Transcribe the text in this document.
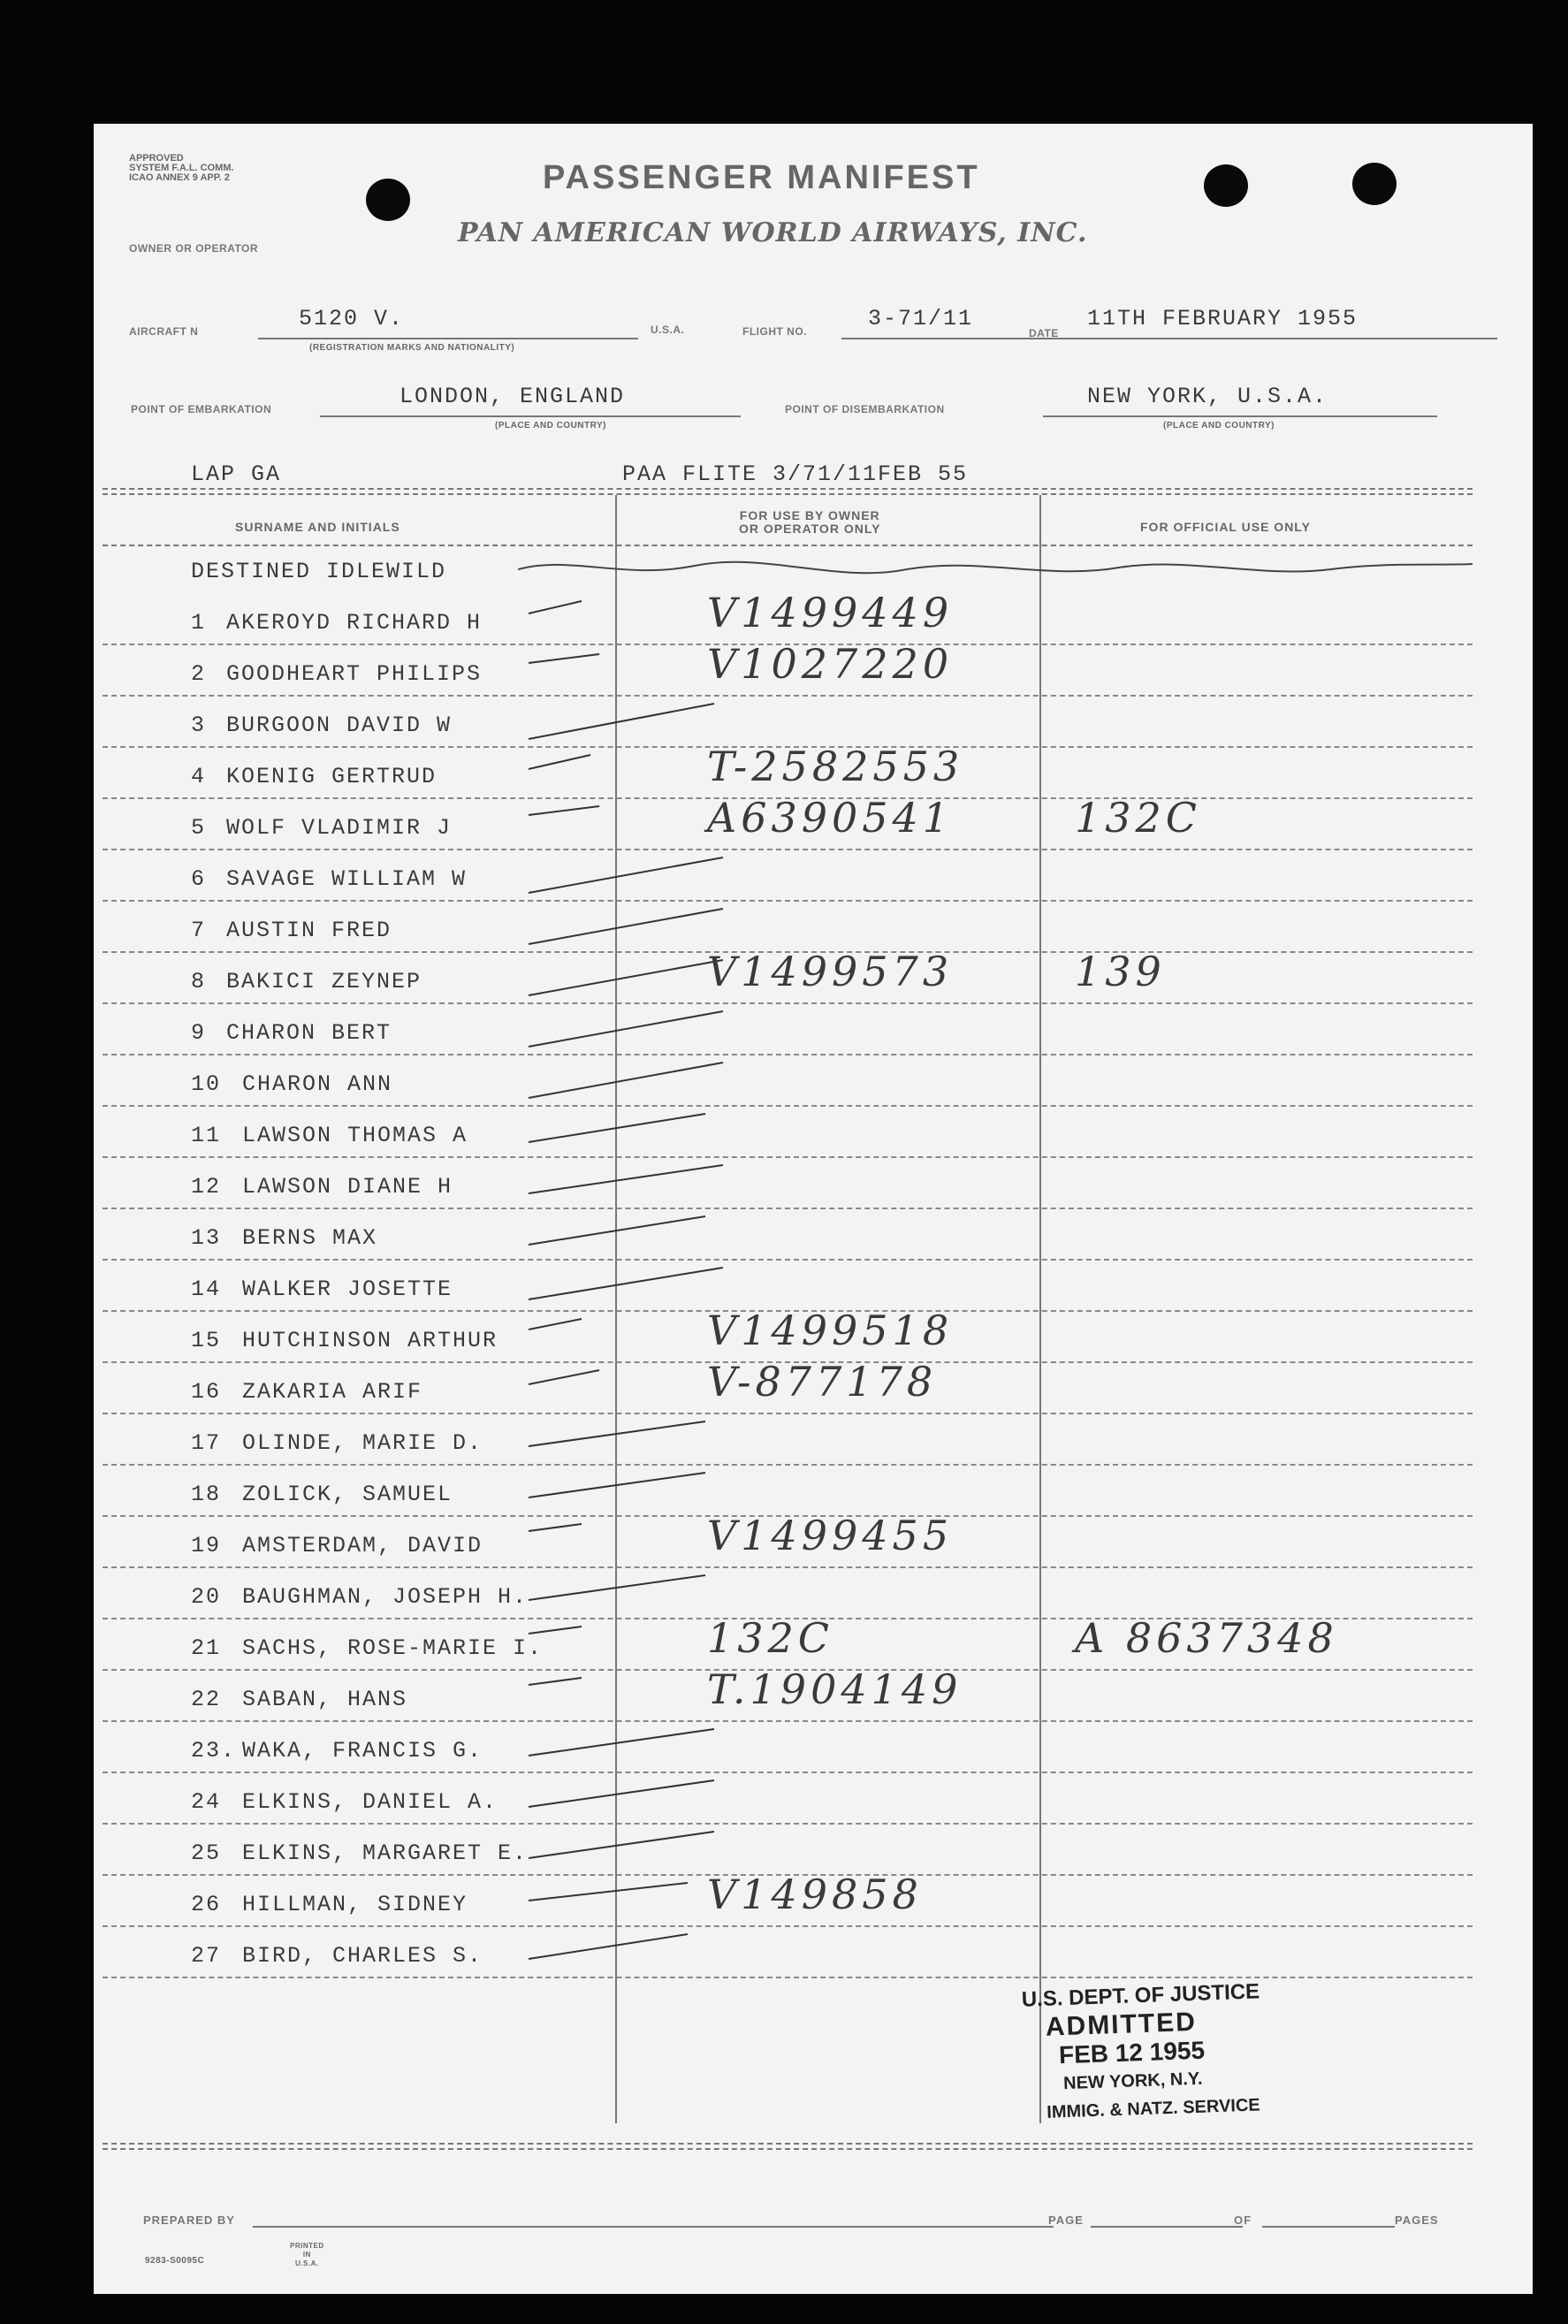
APPROVED
SYSTEM F.A.L. COMM.
ICAO ANNEX 9 APP. 2	PASSENGER MANIFEST
OWNER OR OPERATOR	PAN AMERICAN WORLD AIRWAYS, INC.
AIRCRAFT N	5120 V.
(REGISTRATION MARKS AND NATIONALITY)
U.S.A.	FLIGHT NO.	3-71/11
DATE
11TH FEBRUARY 1955
POINT OF EMBARKATION	LONDON, ENGLAND
(PLACE AND COUNTRY)
POINT OF DISEMBARKATION	NEW YORK, U.S.A.
(PLACE AND COUNTRY)
LAP GA	PAA FLITE 3/71/11FEB 55
SURNAME AND INITIALS
FOR USE BY OWNER
OR OPERATOR ONLY	FOR OFFICIAL USE ONLY
DESTINED IDLEWILD
1 AKEROYD RICHARD H	V1499449
2 GOODHEART PHILIPS	V1027220
3 BURGOON DAVID W
4 KOENIG GERTRUD	T-2582553
5 WOLF VLADIMIR J	A6390541	132C
6 SAVAGE WILLIAM W
7 AUSTIN FRED
8 BAKICI ZEYNEP	V1499573	139
9 CHARON BERT
10 CHARON ANN
11 LAWSON THOMAS A
12 LAWSON DIANE H
13 BERNS MAX
14 WALKER JOSETTE
15 HUTCHINSON ARTHUR	V1499518
16 ZAKARIA ARIF	V-877178
17 OLINDE, MARIE D.
18 ZOLICK, SAMUEL
19 AMSTERDAM, DAVID	V1499455
20 BAUGHMAN, JOSEPH H.
21 SACHS, ROSE-MARIE I.	132C	A 8637348
22 SABAN, HANS	T.1904149
23. WAKA, FRANCIS G.
24 ELKINS, DANIEL A.
25 ELKINS, MARGARET E.
26 HILLMAN, SIDNEY	V149858
27 BIRD, CHARLES S.
U.S. DEPT. OF JUSTICE
ADMITTED
FEB 12 1955
NEW YORK, N.Y.
IMMIG. & NATZ. SERVICE
PREPARED BY	PAGE	OF	PAGES
9283-S0095C
PRINTED
IN
U.S.A.
